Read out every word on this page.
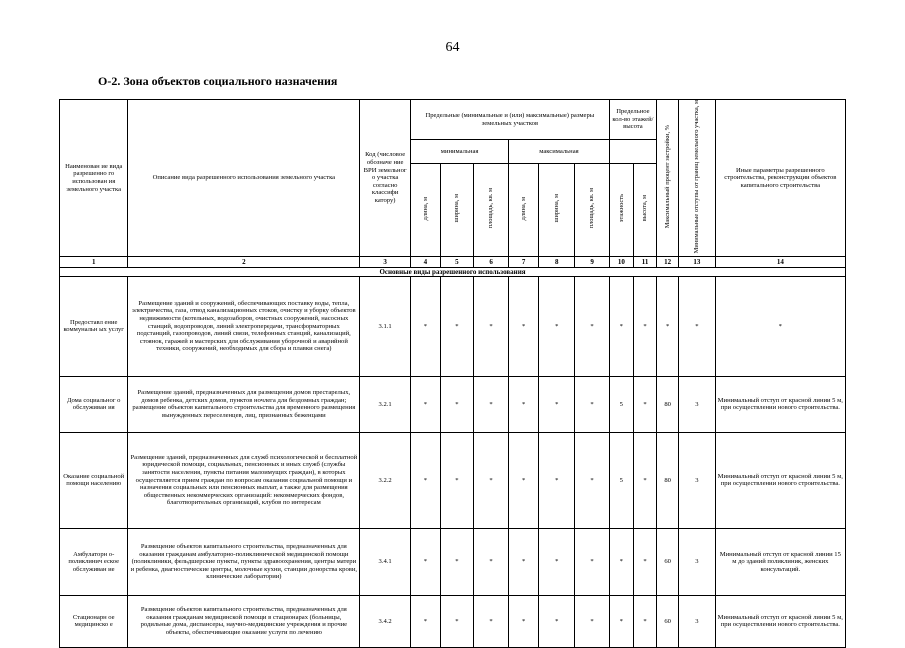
64
О-2. Зона объектов социального назначения
Наименован ие вида разрешенно го использован ия земельного участка	Описание вида разрешенного использования земельного участка	Код (числовое обозначе ние ВРИ земельног о участка согласно классифи катору)	Предельные (минимальные и (или) максимальные) размеры земельных участков						Предельное кол-во этажей/ высота		Максимальный процент застройки, %	Минимальные отступы от границ земельного участка, м	Иные параметры разрешенного строительства, реконструкции объектов капитального строительства
			минимальная			максимальная							
			длина, м	ширина, м	площадь, кв. м	длина, м	ширина, м	площадь, кв. м	этажность	высота, м			
1	2	3	4	5	6	7	8	9	10	11	12	13	14
Основные виды разрешенного использования													
Предоставл ение коммунальн ых услуг	Размещение зданий и сооружений, обеспечивающих поставку воды, тепла, электричества, газа, отвод канализационных стоков, очистку и уборку объектов недвижимости (котельных, водозаборов, очистных сооружений, насосных станций, водопроводов, линий электропередачи, трансформаторных подстанций, газопроводов, линий связи, телефонных станций, канализаций, стоянок, гаражей и мастерских для обслуживания уборочной и аварийной техники, сооружений, необходимых для сбора и плавки снега)	3.1.1	*	*	*	*	*	*	*	*	*	*	*
Дома социальног о обслуживан ия	Размещение зданий, предназначенных для размещения домов престарелых, домов ребенка, детских домов, пунктов ночлега для бездомных граждан; размещение объектов капитального строительства для временного размещения вынужденных переселенцев, лиц, признанных беженцами	3.2.1	*	*	*	*	*	*	5	*	80	3	Минимальный отступ от красной линии 5 м, при осуществлении нового строительства.
Оказание социальной помощи населению	Размещение зданий, предназначенных для служб психологической и бесплатной юридической помощи, социальных, пенсионных и иных служб (службы занятости населения, пункты питания малоимущих граждан), в которых осуществляется прием граждан по вопросам оказания социальной помощи и назначения социальных или пенсионных выплат, а также для размещения общественных некоммерческих организаций: некоммерческих фондов, благотворительных организаций, клубов по интересам	3.2.2	*	*	*	*	*	*	5	*	80	3	Минимальный отступ от красной линии 5 м, при осуществлении нового строительства.
Амбулаторн о-поликлинич еское обслуживан ие	Размещение объектов капитального строительства, предназначенных для оказания гражданам амбулаторно-поликлинической медицинской помощи (поликлиники, фельдшерские пункты, пункты здравоохранения, центры матери и ребенка, диагностические центры, молочные кухни, станции донорства крови, клинические лаборатории)	3.4.1	*	*	*	*	*	*	*	*	60	3	Минимальный отступ от красной линии 15 м до зданий поликлиник, женских консультаций.
Стационарн ое медицинско е	Размещение объектов капитального строительства, предназначенных для оказания гражданам медицинской помощи в стационарах (больницы, родильные дома, диспансеры, научно-медицинские учреждения и прочие объекты, обеспечивающие оказание услуги по лечению	3.4.2	*	*	*	*	*	*	*	*	60	3	Минимальный отступ от красной линии 5 м, при осуществлении нового строительства.
